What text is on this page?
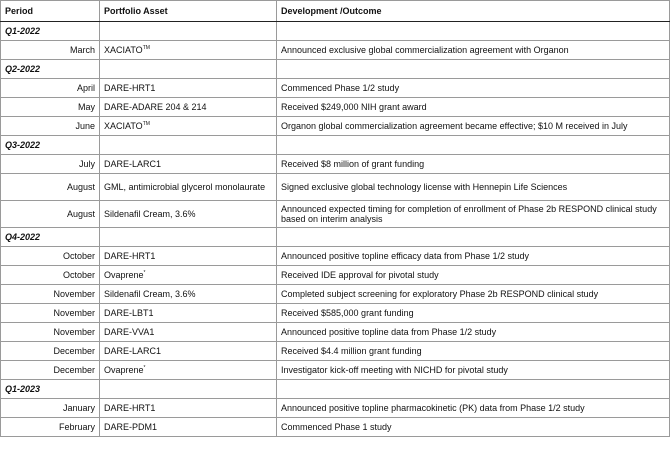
Period	Portfolio Asset	Development /Outcome
Q1-2022		
March	XACIATO™	Announced exclusive global commercialization agreement with Organon
Q2-2022		
April	DARE-HRT1	Commenced Phase 1/2 study
May	DARE-ADARE 204 & 214	Received $249,000 NIH grant award
June	XACIATO™	Organon global commercialization agreement became effective; $10 M received in July
Q3-2022		
July	DARE-LARC1	Received $8 million of grant funding
August	GML, antimicrobial glycerol monolaurate	Signed exclusive global technology license with Hennepin Life Sciences
August	Sildenafil Cream, 3.6%	Announced expected timing for completion of enrollment of Phase 2b RESPOND clinical study based on interim analysis
Q4-2022		
October	DARE-HRT1	Announced positive topline efficacy data from Phase 1/2 study
October	Ovaprene*	Received IDE approval for pivotal study
November	Sildenafil Cream, 3.6%	Completed subject screening for exploratory Phase 2b RESPOND clinical study
November	DARE-LBT1	Received $585,000 grant funding
November	DARE-VVA1	Announced positive topline data from Phase 1/2 study
December	DARE-LARC1	Received $4.4 million grant funding
December	Ovaprene*	Investigator kick-off meeting with NICHD for pivotal study
Q1-2023		
January	DARE-HRT1	Announced positive topline pharmacokinetic (PK) data from Phase 1/2 study
February	DARE-PDM1	Commenced Phase 1 study
